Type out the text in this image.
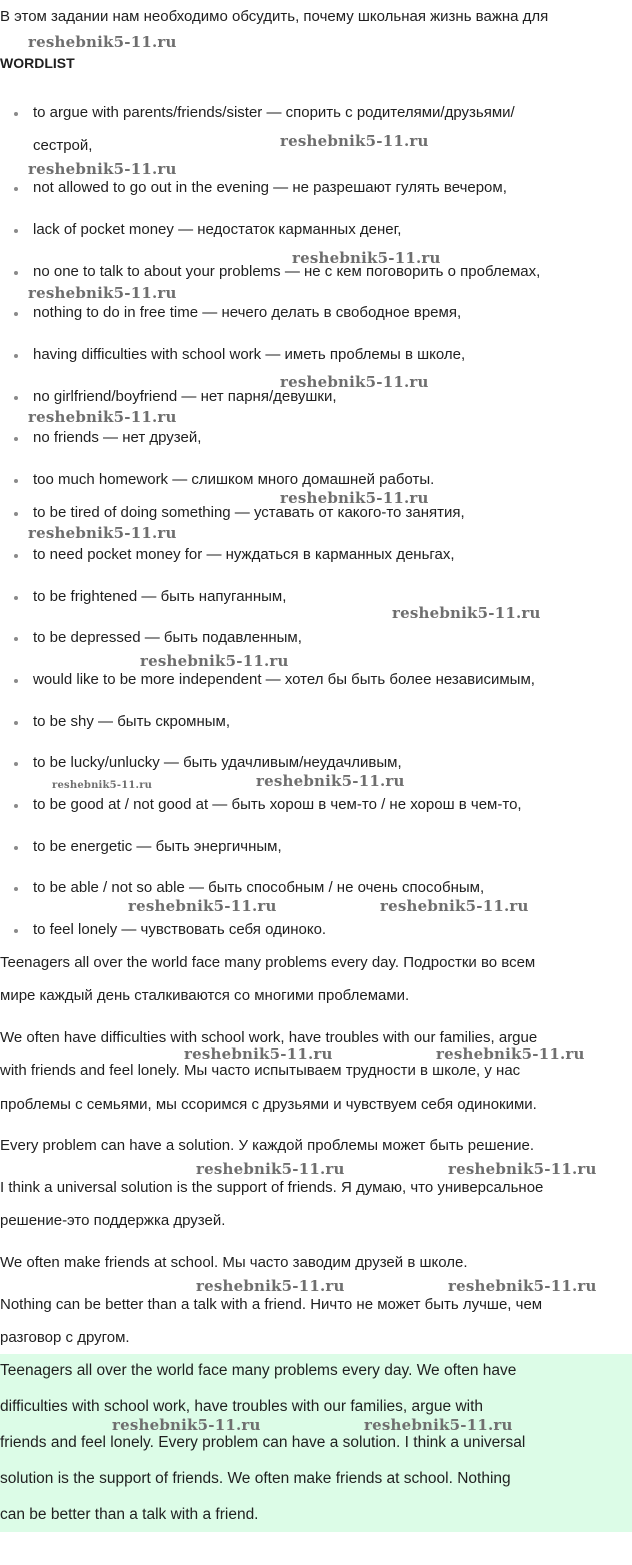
В этом задании нам необходимо обсудить, почему школьная жизнь важна для
WORDLIST
to argue with parents/friends/sister — спорить с родителями/друзьями/
сестрой,
not allowed to go out in the evening — не разрешают гулять вечером,
lack of pocket money — недостаток карманных денег,
no one to talk to about your problems — не с кем поговорить о проблемах,
nothing to do in free time — нечего делать в свободное время,
having difficulties with school work — иметь проблемы в школе,
no girlfriend/boyfriend — нет парня/девушки,
no friends — нет друзей,
too much homework — слишком много домашней работы.
to be tired of doing something — уставать от какого-то занятия,
to need pocket money for — нуждаться в карманных деньгах,
to be frightened — быть напуганным,
to be depressed — быть подавленным,
would like to be more independent — хотел бы быть более независимым,
to be shy — быть скромным,
to be lucky/unlucky — быть удачливым/неудачливым,
to be good at / not good at — быть хорош в чем-то / не хорош в чем-то,
to be energetic — быть энергичным,
to be able / not so able — быть способным / не очень способным,
to feel lonely — чувствовать себя одиноко.
Teenagers all over the world face many problems every day. Подростки во всем
мире каждый день сталкиваются со многими проблемами.
We often have difficulties with school work, have troubles with our families, argue
with friends and feel lonely. Мы часто испытываем трудности в школе, у нас
проблемы с семьями, мы ссоримся с друзьями и чувствуем себя одинокими.
Every problem can have a solution. У каждой проблемы может быть решение.
I think a universal solution is the support of friends. Я думаю, что универсальное
решение-это поддержка друзей.
We often make friends at school. Мы часто заводим друзей в школе.
Nothing can be better than a talk with a friend. Ничто не может быть лучше, чем
разговор с другом.
Teenagers all over the world face many problems every day. We often have
difficulties with school work, have troubles with our families, argue with
friends and feel lonely. Every problem can have a solution. I think a universal
solution is the support of friends. We often make friends at school. Nothing
can be better than a talk with a friend.
reshebnik5-11.ru
reshebnik5-11.ru
reshebnik5-11.ru
reshebnik5-11.ru
reshebnik5-11.ru
reshebnik5-11.ru
reshebnik5-11.ru
reshebnik5-11.ru
reshebnik5-11.ru
reshebnik5-11.ru
reshebnik5-11.ru
reshebnik5-11.ru	reshebnik5-11.ru
reshebnik5-11.ru	reshebnik5-11.ru
reshebnik5-11.ru	reshebnik5-11.ru
reshebnik5-11.ru	reshebnik5-11.ru
reshebnik5-11.ru	reshebnik5-11.ru
reshebnik5-11.ru	reshebnik5-11.ru
